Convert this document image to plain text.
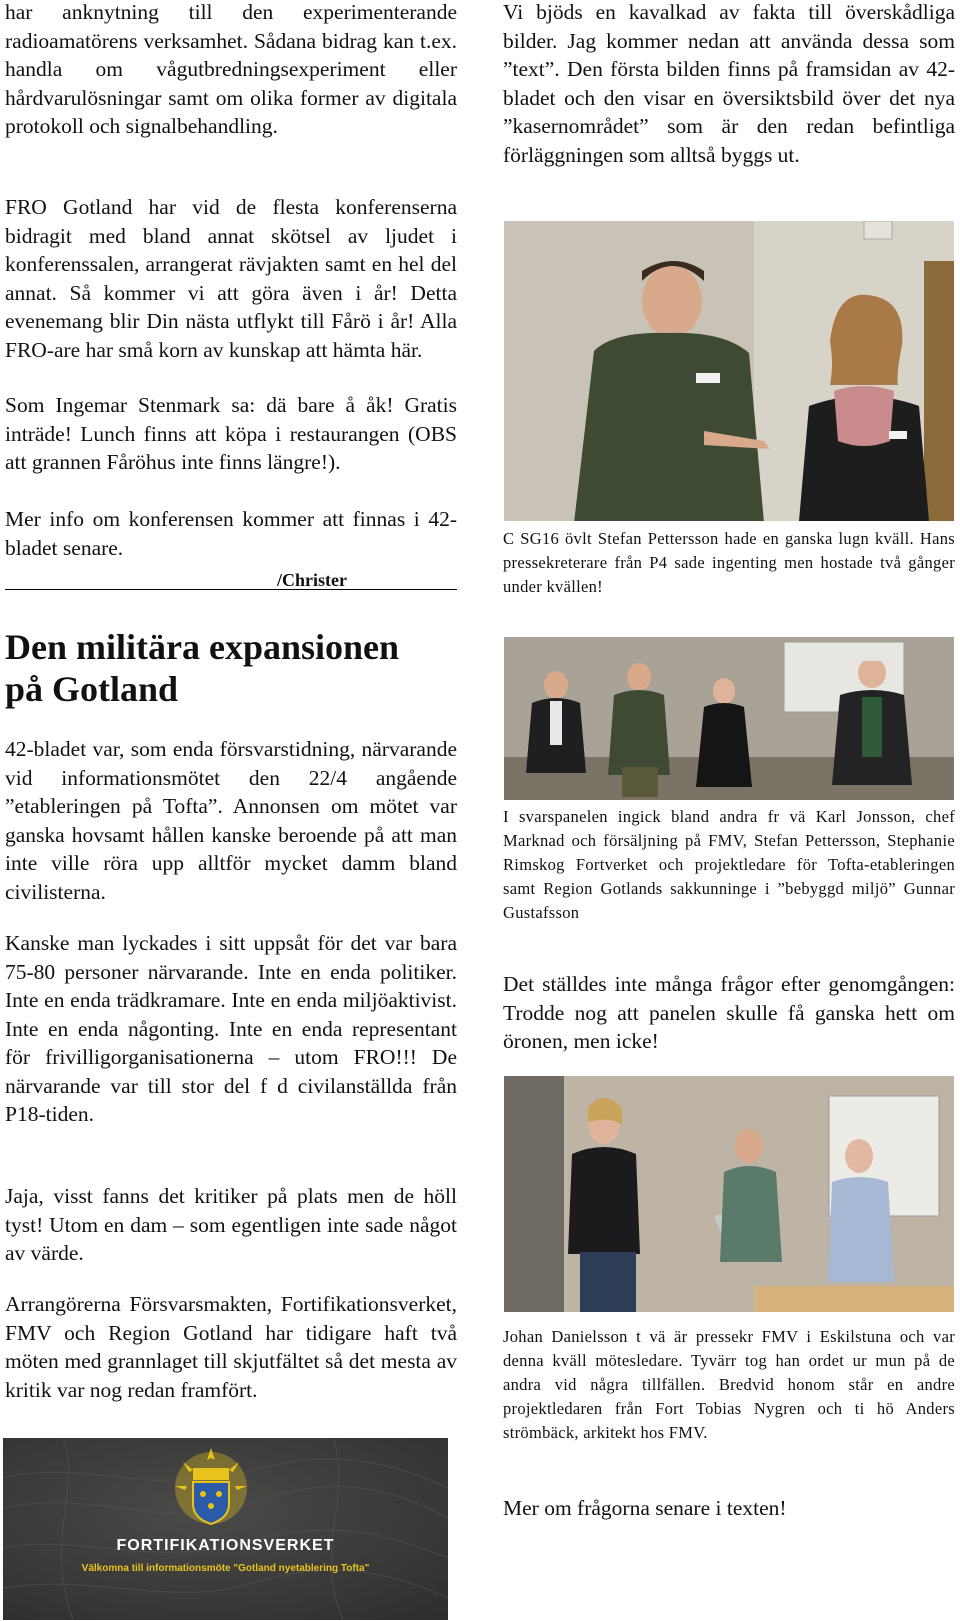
har anknytning till den experimenterande radioamatörens verksamhet. Sådana bidrag kan t.ex. handla om vågutbredningsexperiment eller hårdvarulösningar samt om olika former av digitala protokoll och signalbehandling.

FRO Gotland har vid de flesta konferenserna bidragit med bland annat skötsel av ljudet i konferenssalen, arrangerat rävjakten samt en hel del annat. Så kommer vi att göra även i år! Detta evenemang blir Din nästa utflykt till Fårö i år! Alla FRO-are har små korn av kunskap att hämta här.

Som Ingemar Stenmark sa: dä bare å åk! Gratis inträde! Lunch finns att köpa i restaurangen (OBS att grannen Fåröhus inte finns längre!).

Mer info om konferensen kommer att finnas i 42-bladet senare.

/Christer
Den militära expansionen
på Gotland

42-bladet var, som enda försvarstidning, närvarande vid informationsmötet den 22/4 angående ”etableringen på Tofta”. Annonsen om mötet var ganska hovsamt hållen kanske beroende på att man inte ville röra upp alltför mycket damm bland civilisterna.

Kanske man lyckades i sitt uppsåt för det var bara 75-80 personer närvarande. Inte en enda politiker. Inte en enda trädkramare. Inte en enda miljöaktivist. Inte en enda någonting. Inte en enda representant för frivilligorganisationerna – utom FRO!!! De närvarande var till stor del f d civilanställda från P18-tiden.

Jaja, visst fanns det kritiker på plats men de höll tyst! Utom en dam – som egentligen inte sade något av värde.

Arrangörerna Försvarsmakten, Fortifikationsverket, FMV och Region Gotland har tidigare haft två möten med grannlaget till skjutfältet så det mesta av kritik var nog redan framfört.

FORTIFIKATIONSVERKET
Välkomna till informationsmöte "Gotland nyetablering Tofta"

Vi bjöds en kavalkad av fakta till överskådliga bilder. Jag kommer nedan att använda dessa som ”text”. Den första bilden finns på framsidan av 42-bladet och den visar en översiktsbild över det nya ”kasernområdet” som är den redan befintliga förläggningen som alltså byggs ut.

C SG16 övlt Stefan Pettersson hade en ganska lugn kväll. Hans pressekreterare från P4 sade ingenting men hostade två gånger under kvällen!

I svarspanelen ingick bland andra fr vä Karl Jonsson, chef Marknad och försäljning på FMV, Stefan Pettersson, Stephanie Rimskog Fortverket och projektledare för Tofta-etableringen samt Region Gotlands sakkunninge i ”bebyggd miljö” Gunnar Gustafsson

Det ställdes inte många frågor efter genomgången: Trodde nog att panelen skulle få ganska hett om öronen, men icke!

Johan Danielsson t vä är pressekr FMV i Eskilstuna och var denna kväll mötesledare. Tyvärr tog han ordet ur mun på de andra vid några tillfällen. Bredvid honom står en andre projektledaren från Fort Tobias Nygren och ti hö Anders strömbäck, arkitekt hos FMV.

Mer om frågorna senare i texten!
